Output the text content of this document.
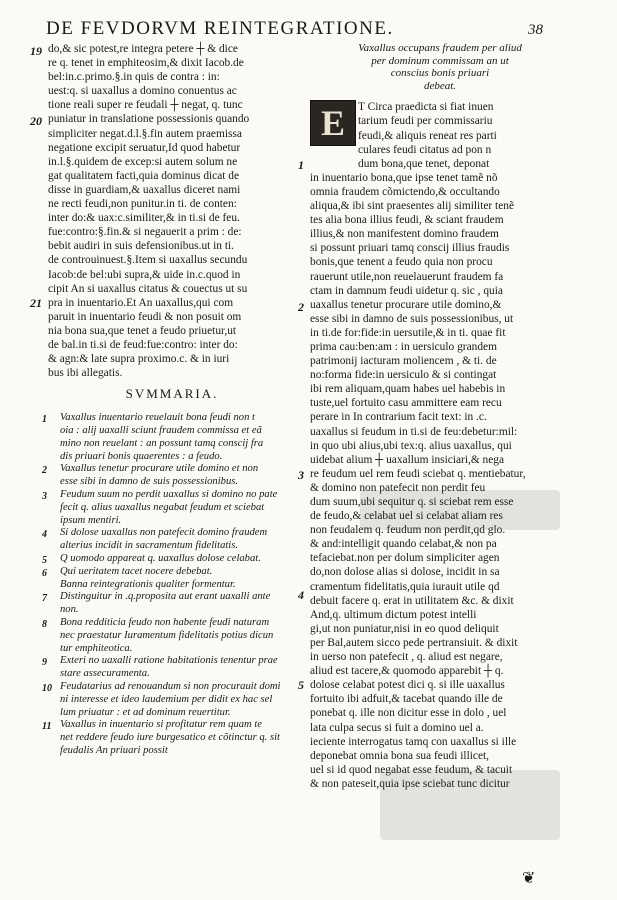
DE FEVDORVM REINTEGRATIONE.	38
do,& sic potest,re integra petere ┼ & dice
re q. tenet in emphiteosim,& dixit Iacob.de
bel:in.c.primo.§.in quis de contra : in:
uest:q. si uaxallus a domino conuentus ac
tione reali super re feudali ┼ negat, q. tunc
puniatur in translatione possessionis quando
simpliciter negat.d.l.§.fin autem praemissa
negatione excipit seruatur,Id quod habetur
in.l.§.quidem de excep:si autem solum ne
gat qualitatem facti,quia dominus dicat de
disse in guardiam,& uaxallus diceret nami
ne recti feudi,non punitur.in ti. de conten:
inter do:& uax:c.similiter,& in ti.si de feu.
fue:contro:§.fin.& si negauerit a prim : de:
bebit audiri in suis defensionibus.ut in ti.
de controuinuest.§.Item si uaxallus secundu
Iacob:de bel:ubi supra,& uide in.c.quod in
cipit An si uaxallus citatus & couectus ut su
pra in inuentario.Et An uaxallus,qui com
paruit in inuentario feudi & non posuit om
nia bona sua,que tenet a feudo priuetur,ut
de bal.in ti.si de feud:fue:contro: inter do:
& agn:& late supra proximo.c. & in iuri
bus ibi allegatis.
SVMMARIA.
1 Vaxallus inuentario reuelauit bona feudi non t
oia : alij uaxalli sciunt fraudem commissa et eã
mino non reuelant : an possunt tamq conscij fra
dis priuari bonis quaerentes : a feudo.
2 Vaxallus tenetur procurare utile domino et non
esse sibi in damno de suis possessionibus.
3 Feudum suum no perdit uaxallus si domino no pate
fecit q. alius uaxallus negabat feudum et sciebat
ipsum mentiri.
4 Si dolose uaxallus non patefecit domino fraudem
alterius incidit in sacramentum fidelitatis.
5 Q uomodo appareat q. uaxallus dolose celabat.
6 Qui ueritatem tacet nocere debebat.
Banna reintegrationis qualiter formentur.
7 Distinguitur in .q.proposita aut erant uaxalli ante
non.
8 Bona redditicia feudo non habente feudi naturam
nec praestatur Iuramentum fidelitatis potius dicun
tur emphiteotica.
9 Exteri no uaxalli ratione habitationis tenentur prae
stare assecuramenta.
10 Feudatarius ad renouandum si non procurauit domi
ni interesse et ideo laudemium per didit ex hac sel
lum priuatur : et ad dominum reuertitur.
11 Vaxallus in inuentario si profitatur rem quam te
net reddere feudo iure burgesatico et cõtinctur q. sit
feudalis An priuari possit
19
20
21
Vaxallus occupans fraudem per aliud
per dominum commissam an ut
conscius bonis priuari
debeat.
E	T Circa praedicta si fiat inuen
tarium feudi per commissariu
feudi,& aliquis reneat res parti
culares feudi citatus ad pon n
dum bona,que tenet, deponat
in inuentario bona,que ipse tenet tamẽ nõ
omnia fraudem cõmictendo,& occultando
aliqua,& ibi sint praesentes alij similiter tenẽ
tes alia bona illius feudi, & sciant fraudem
illius,& non manifestent domino fraudem
si possunt priuari tamq conscij illius fraudis
bonis,que tenent a feudo quia non procu
rauerunt utile,non reuelauerunt fraudem fa
ctam in damnum feudi uidetur q. sic , quia
uaxallus tenetur procurare utile domino,&
esse sibi in damno de suis possessionibus, ut
in ti.de for:fide:in uersutile,& in ti. quae fit
prima cau:ben:am : in uersiculo grandem
patrimonij iacturam moliencem , & ti. de
no:forma fide:in uersiculo & si contingat
ibi rem aliquam,quam habes uel habebis in
tuste,uel fortuito casu ammittere eam recu
perare in In contrarium facit text: in .c.
uaxallus si feudum in ti.si de feu:debetur:mil:
in quo ubi alius,ubi tex:q. alius uaxallus, qui
uidebat alium ┼ uaxallum insiciari,& nega
re feudum uel rem feudi sciebat q. mentiebatur,
& domino non patefecit non perdit feu
dum suum,ubi sequitur q. si sciebat rem esse
de feudo,& celabat uel si celabat aliam res
non feudalem q. feudum non perdit,qd glo.
& and:intelligit quando celabat,& non pa
tefaciebat.non per dolum simpliciter agen
do,non dolose alias si dolose, incidit in sa
cramentum fidelitatis,quia iurauit utile qd
debuit facere q. erat in utilitatem &c. & dixit
And,q. ultimum dictum potest intelli
gi,ut non puniatur,nisi in eo quod deliquit
per Bal,autem sicco pede pertransiuit. & dixit
in uerso non patefecit , q. aliud est negare,
aliud est tacere,& quomodo apparebit ┼ q.
dolose celabat potest dici q. si ille uaxallus
fortuito ibi adfuit,& tacebat quando ille de
ponebat q. ille non dicitur esse in dolo , uel
lata culpa secus si fuit a domino uel a.
ieciente interrogatus tamq con uaxallus si ille
deponebat omnia bona sua feudi illicet,
uel si id quod negabat esse feudum, & tacuit
& non pateseit,quia ipse sciebat tunc dicitur
1
2
3
4
5
❦
